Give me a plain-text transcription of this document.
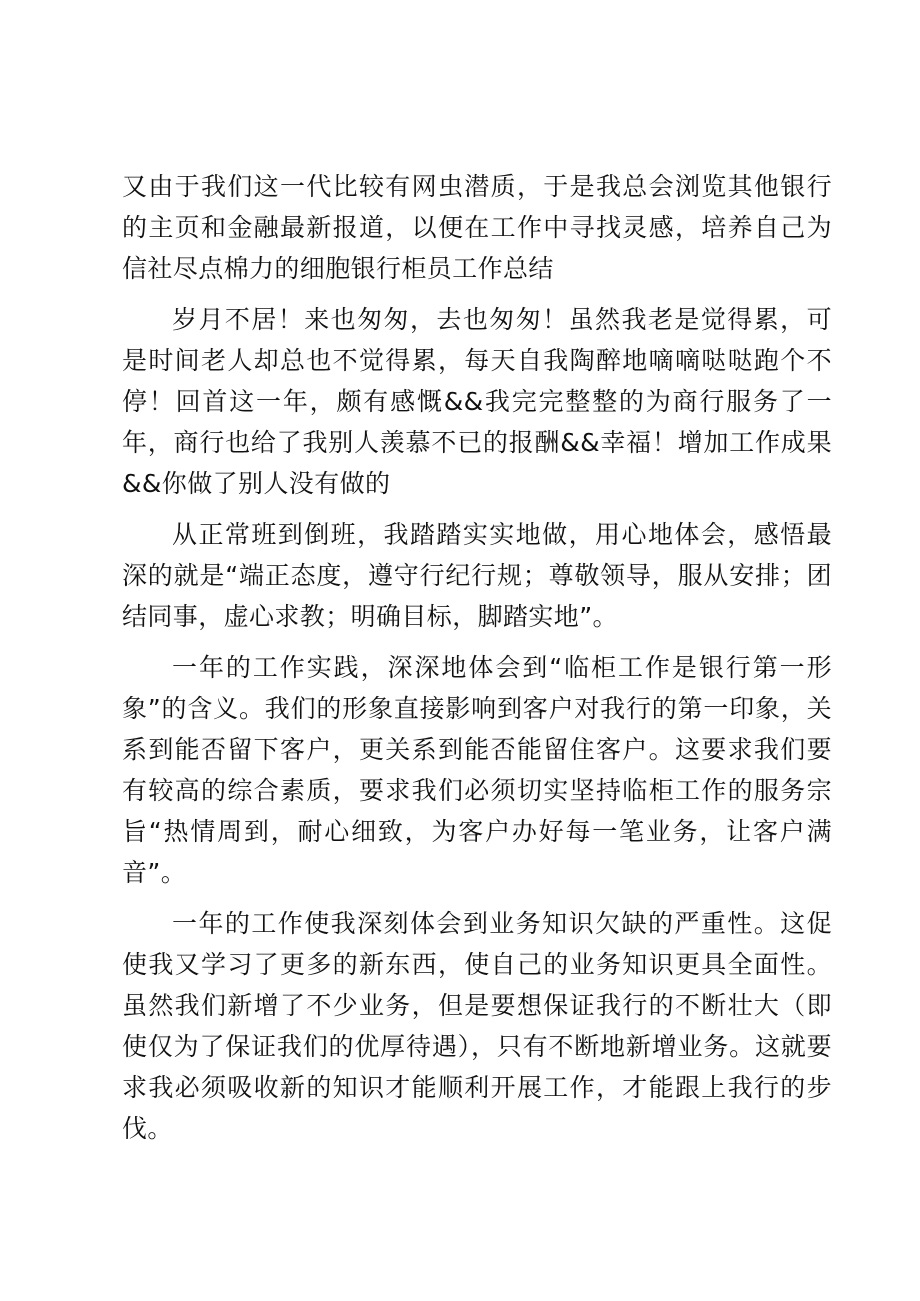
又由于我们这一代比较有网虫潜质，于是我总会浏览其他银行的主页和金融最新报道，以便在工作中寻找灵感，培养自己为信社尽点棉力的细胞银行柜员工作总结

岁月不居！来也匆匆，去也匆匆！虽然我老是觉得累，可是时间老人却总也不觉得累，每天自我陶醉地嘀嘀哒哒跑个不停！回首这一年，颇有感慨&&我完完整整的为商行服务了一年，商行也给了我别人羡慕不已的报酬&&幸福！增加工作成果&&你做了别人没有做的

从正常班到倒班，我踏踏实实地做，用心地体会，感悟最深的就是“端正态度，遵守行纪行规；尊敬领导，服从安排；团结同事，虚心求教；明确目标，脚踏实地”。

一年的工作实践，深深地体会到“临柜工作是银行第一形象”的含义。我们的形象直接影响到客户对我行的第一印象，关系到能否留下客户，更关系到能否能留住客户。这要求我们要有较高的综合素质，要求我们必须切实坚持临柜工作的服务宗旨“热情周到，耐心细致，为客户办好每一笔业务，让客户满音”。

一年的工作使我深刻体会到业务知识欠缺的严重性。这促使我又学习了更多的新东西，使自己的业务知识更具全面性。虽然我们新增了不少业务，但是要想保证我行的不断壮大（即使仅为了保证我们的优厚待遇），只有不断地新增业务。这就要求我必须吸收新的知识才能顺利开展工作，才能跟上我行的步伐。
